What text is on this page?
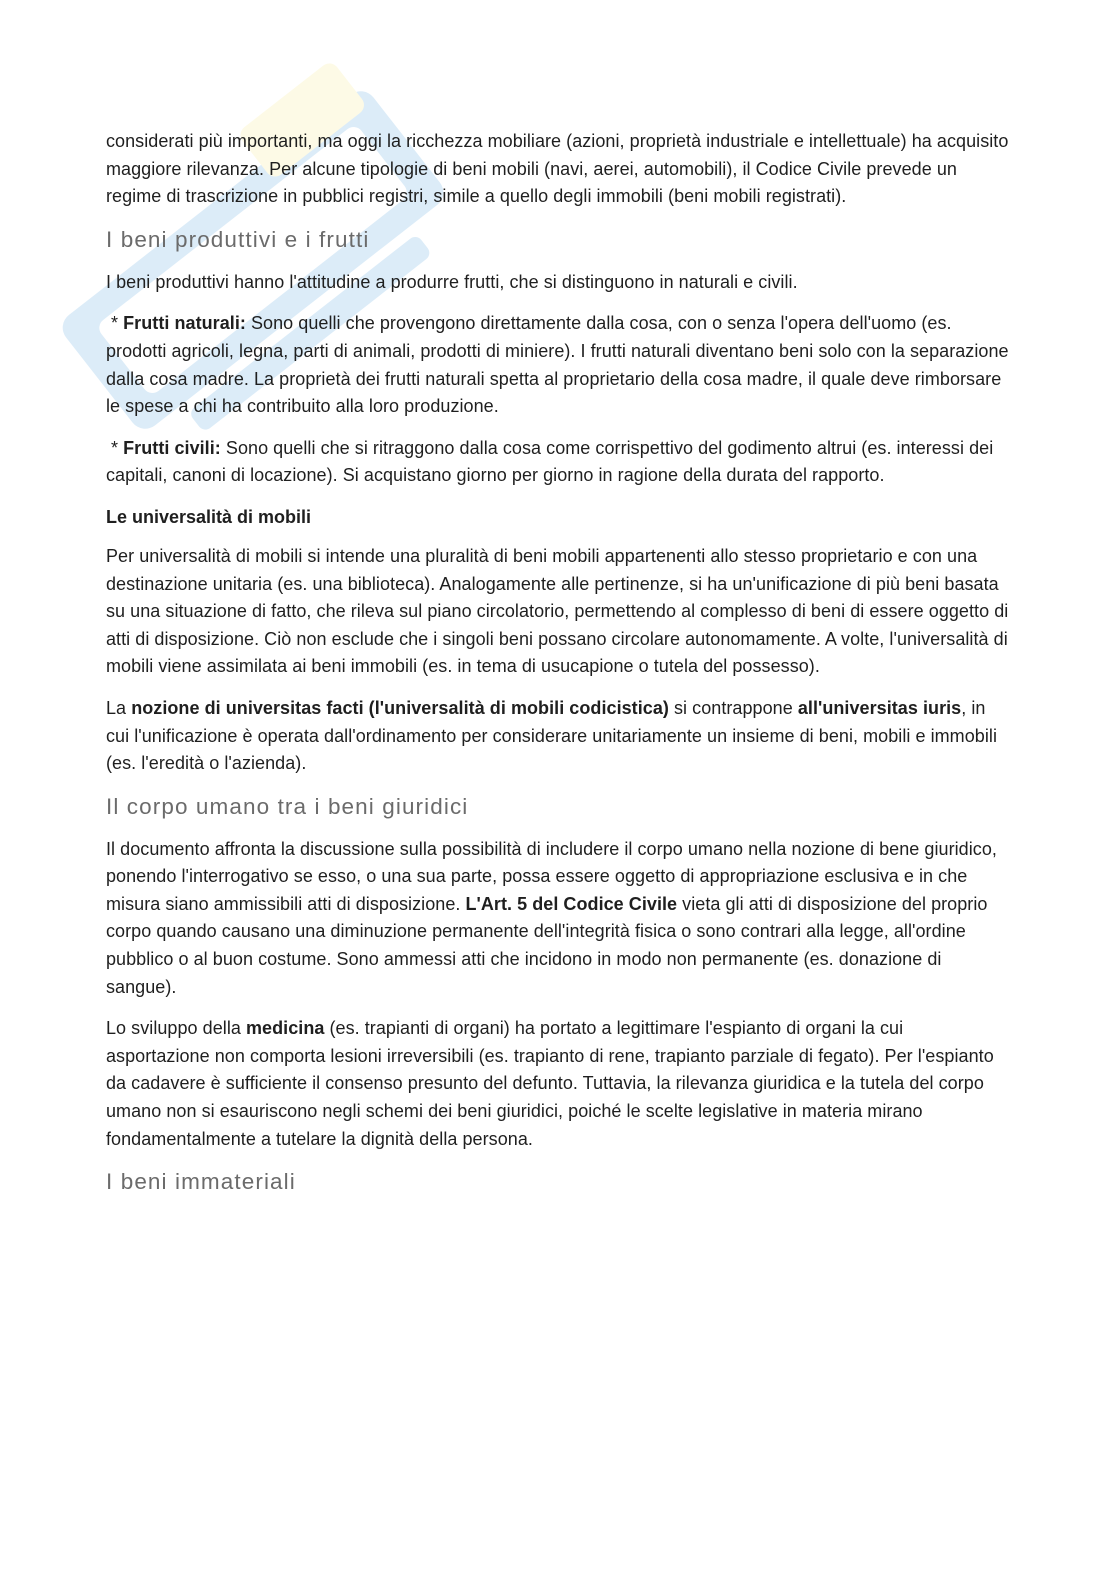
considerati più importanti, ma oggi la ricchezza mobiliare (azioni, proprietà industriale e intellettuale) ha acquisito maggiore rilevanza. Per alcune tipologie di beni mobili (navi, aerei, automobili), il Codice Civile prevede un regime di trascrizione in pubblici registri, simile a quello degli immobili (beni mobili registrati).

I beni produttivi e i frutti

I beni produttivi hanno l'attitudine a produrre frutti, che si distinguono in naturali e civili.

* Frutti naturali: Sono quelli che provengono direttamente dalla cosa, con o senza l'opera dell'uomo (es. prodotti agricoli, legna, parti di animali, prodotti di miniere). I frutti naturali diventano beni solo con la separazione dalla cosa madre. La proprietà dei frutti naturali spetta al proprietario della cosa madre, il quale deve rimborsare le spese a chi ha contribuito alla loro produzione.

* Frutti civili: Sono quelli che si ritraggono dalla cosa come corrispettivo del godimento altrui (es. interessi dei capitali, canoni di locazione). Si acquistano giorno per giorno in ragione della durata del rapporto.

Le universalità di mobili

Per universalità di mobili si intende una pluralità di beni mobili appartenenti allo stesso proprietario e con una destinazione unitaria (es. una biblioteca). Analogamente alle pertinenze, si ha un'unificazione di più beni basata su una situazione di fatto, che rileva sul piano circolatorio, permettendo al complesso di beni di essere oggetto di atti di disposizione. Ciò non esclude che i singoli beni possano circolare autonomamente. A volte, l'universalità di mobili viene assimilata ai beni immobili (es. in tema di usucapione o tutela del possesso).

La nozione di universitas facti (l'universalità di mobili codicistica) si contrappone all'universitas iuris, in cui l'unificazione è operata dall'ordinamento per considerare unitariamente un insieme di beni, mobili e immobili (es. l'eredità o l'azienda).

Il corpo umano tra i beni giuridici

Il documento affronta la discussione sulla possibilità di includere il corpo umano nella nozione di bene giuridico, ponendo l'interrogativo se esso, o una sua parte, possa essere oggetto di appropriazione esclusiva e in che misura siano ammissibili atti di disposizione. L'Art. 5 del Codice Civile vieta gli atti di disposizione del proprio corpo quando causano una diminuzione permanente dell'integrità fisica o sono contrari alla legge, all'ordine pubblico o al buon costume. Sono ammessi atti che incidono in modo non permanente (es. donazione di sangue).

Lo sviluppo della medicina (es. trapianti di organi) ha portato a legittimare l'espianto di organi la cui asportazione non comporta lesioni irreversibili (es. trapianto di rene, trapianto parziale di fegato). Per l'espianto da cadavere è sufficiente il consenso presunto del defunto. Tuttavia, la rilevanza giuridica e la tutela del corpo umano non si esauriscono negli schemi dei beni giuridici, poiché le scelte legislative in materia mirano fondamentalmente a tutelare la dignità della persona.

I beni immateriali
